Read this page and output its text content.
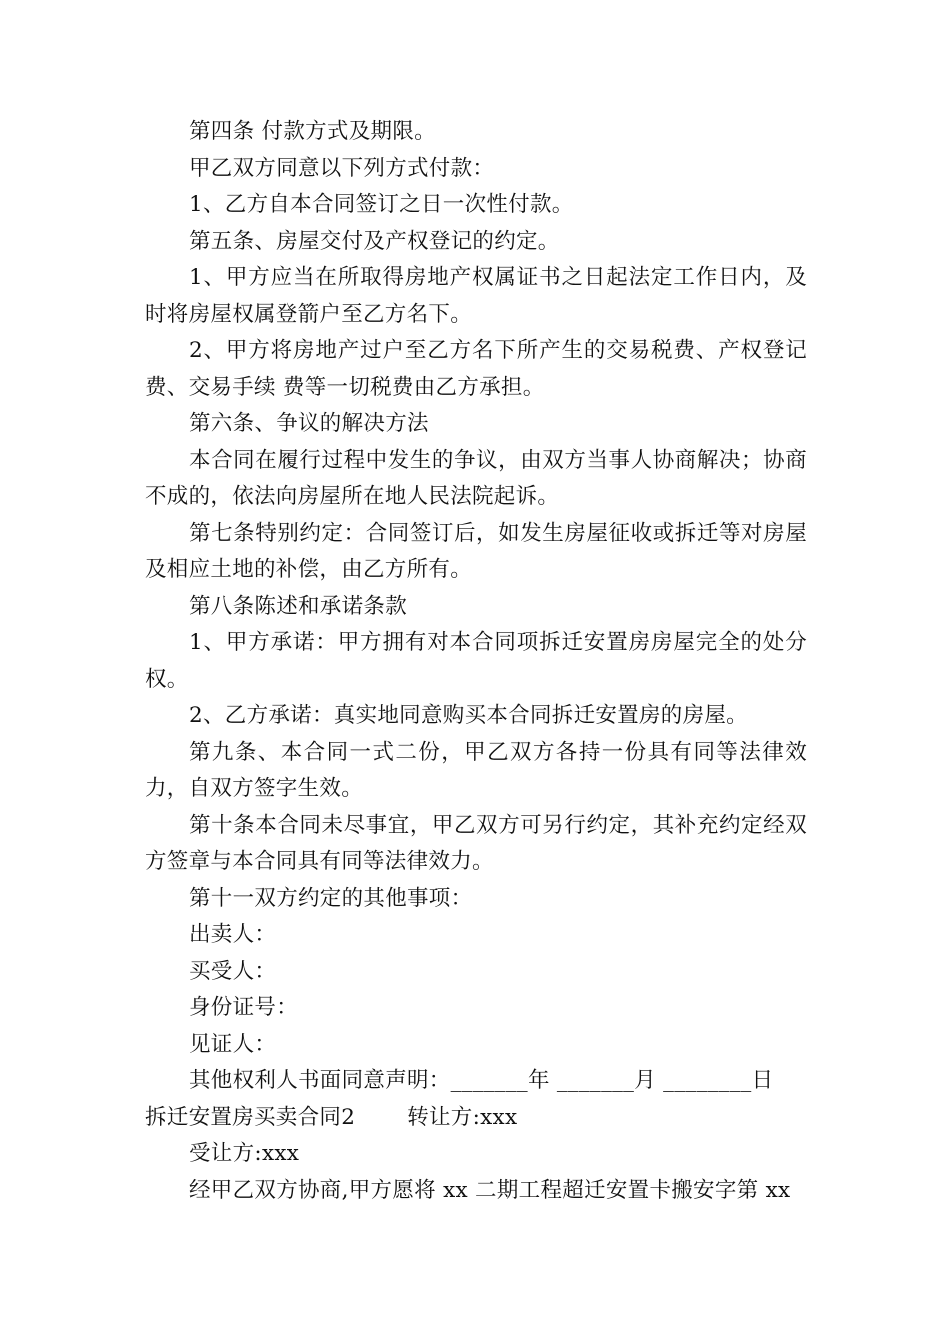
第四条 付款方式及期限。

甲乙双方同意以下列方式付款：

1、乙方自本合同签订之日一次性付款。

第五条、房屋交付及产权登记的约定。

1、甲方应当在所取得房地产权属证书之日起法定工作日内，及时将房屋权属登箭户至乙方名下。

2、甲方将房地产过户至乙方名下所产生的交易税费、产权登记费、交易手续 费等一切税费由乙方承担。

第六条、争议的解决方法

本合同在履行过程中发生的争议，由双方当事人协商解决；协商不成的，依法向房屋所在地人民法院起诉。

第七条特别约定：合同签订后，如发生房屋征收或拆迁等对房屋及相应土地的补偿，由乙方所有。

第八条陈述和承诺条款

1、甲方承诺：甲方拥有对本合同项拆迁安置房房屋完全的处分权。

2、乙方承诺：真实地同意购买本合同拆迁安置房的房屋。

第九条、本合同一式二份，甲乙双方各持一份具有同等法律效力，自双方签字生效。

第十条本合同未尽事宜，甲乙双方可另行约定，其补充约定经双方签章与本合同具有同等法律效力。

第十一双方约定的其他事项：

出卖人：

买受人：

身份证号：

见证人：

其他权利人书面同意声明：_______年 _______月 ________日

拆迁安置房买卖合同2 转让方:xxx

受让方:xxx

经甲乙双方协商,甲方愿将 xx 二期工程超迁安置卡搬安字第 xx
